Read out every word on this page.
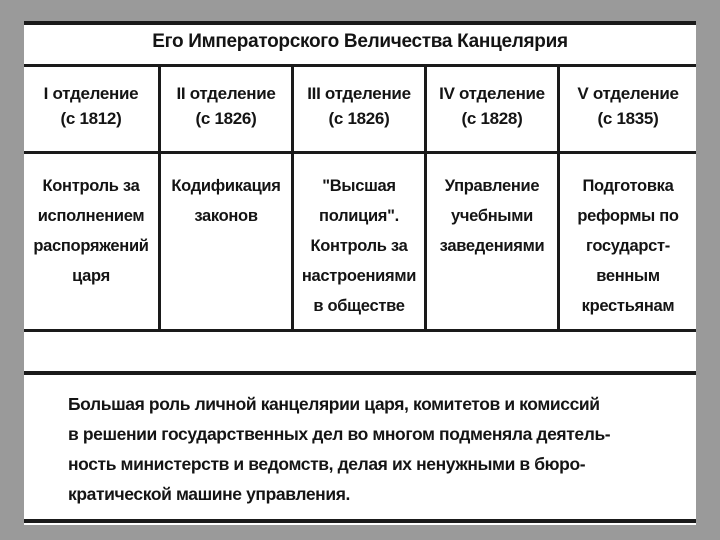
Его Императорского Величества Канцелярия
I отделение
(с 1812)
II отделение
(с 1826)
III отделение
(с 1826)
IV отделение
(с 1828)
V отделение
(с 1835)
Контроль за
исполнением
распоряжений
царя
Кодификация
законов
"Высшая
полиция".
Контроль за
настроениями
в обществе
Управление
учебными
заведениями
Подготовка
реформы по
государст-
венным
крестьянам
Большая роль личной канцелярии царя, комитетов и комиссий
в решении государственных дел во многом подменяла деятель-
ность министерств и ведомств, делая их ненужными в бюро-
кратической машине управления.
